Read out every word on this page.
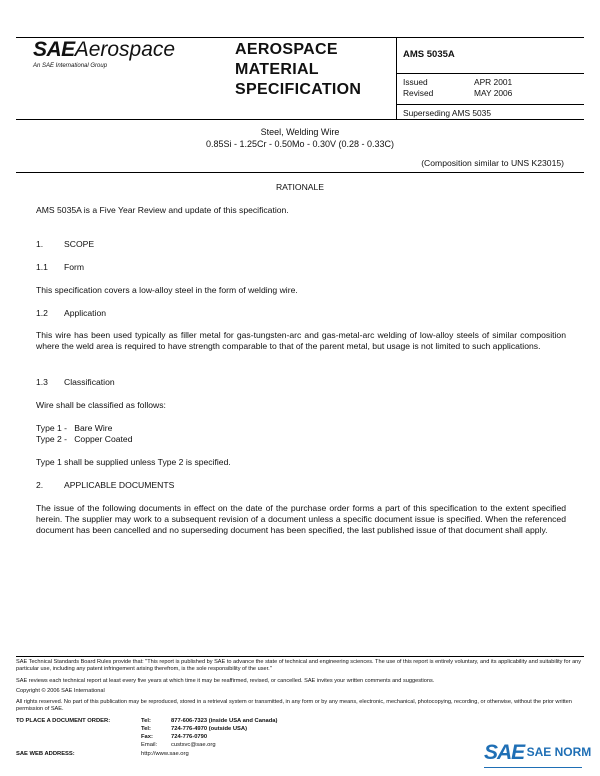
SAEAerospace
An SAE International Group
AEROSPACE
MATERIAL
SPECIFICATION
AMS 5035A
Issued	APR 2001
Revised	MAY 2006
Superseding AMS 5035
Steel, Welding Wire
0.85Si - 1.25Cr - 0.50Mo - 0.30V (0.28 - 0.33C)
(Composition similar to UNS K23015)
RATIONALE
AMS 5035A is a Five Year Review and update of this specification.
1. SCOPE
1.1 Form
This specification covers a low-alloy steel in the form of welding wire.
1.2 Application
This wire has been used typically as filler metal for gas-tungsten-arc and gas-metal-arc welding of low-alloy steels of similar composition where the weld area is required to have strength comparable to that of the parent metal, but usage is not limited to such applications.
1.3 Classification
Wire shall be classified as follows:
Type 1 -   Bare Wire
Type 2 -   Copper Coated
Type 1 shall be supplied unless Type 2 is specified.
2. APPLICABLE DOCUMENTS
The issue of the following documents in effect on the date of the purchase order forms a part of this specification to the extent specified herein. The supplier may work to a subsequent revision of a document unless a specific document issue is specified. When the referenced document has been cancelled and no superseding document has been specified, the last published issue of that document shall apply.
SAE Technical Standards Board Rules provide that: "This report is published by SAE to advance the state of technical and engineering sciences. The use of this report is entirely voluntary, and its applicability and suitability for any particular use, including any patent infringement arising therefrom, is the sole responsibility of the user."
SAE reviews each technical report at least every five years at which time it may be reaffirmed, revised, or cancelled. SAE invites your written comments and suggestions.
Copyright © 2006 SAE International
All rights reserved. No part of this publication may be reproduced, stored in a retrieval system or transmitted, in any form or by any means, electronic, mechanical, photocopying, recording, or otherwise, without the prior written permission of SAE.
TO PLACE A DOCUMENT ORDER:	Tel:	877-606-7323 (inside USA and Canada)
Tel:	724-776-4970 (outside USA)
Fax:	724-776-0790
Email: custsvc@sae.org
SAE WEB ADDRESS:	http://www.sae.org	SAE SAE NORM
